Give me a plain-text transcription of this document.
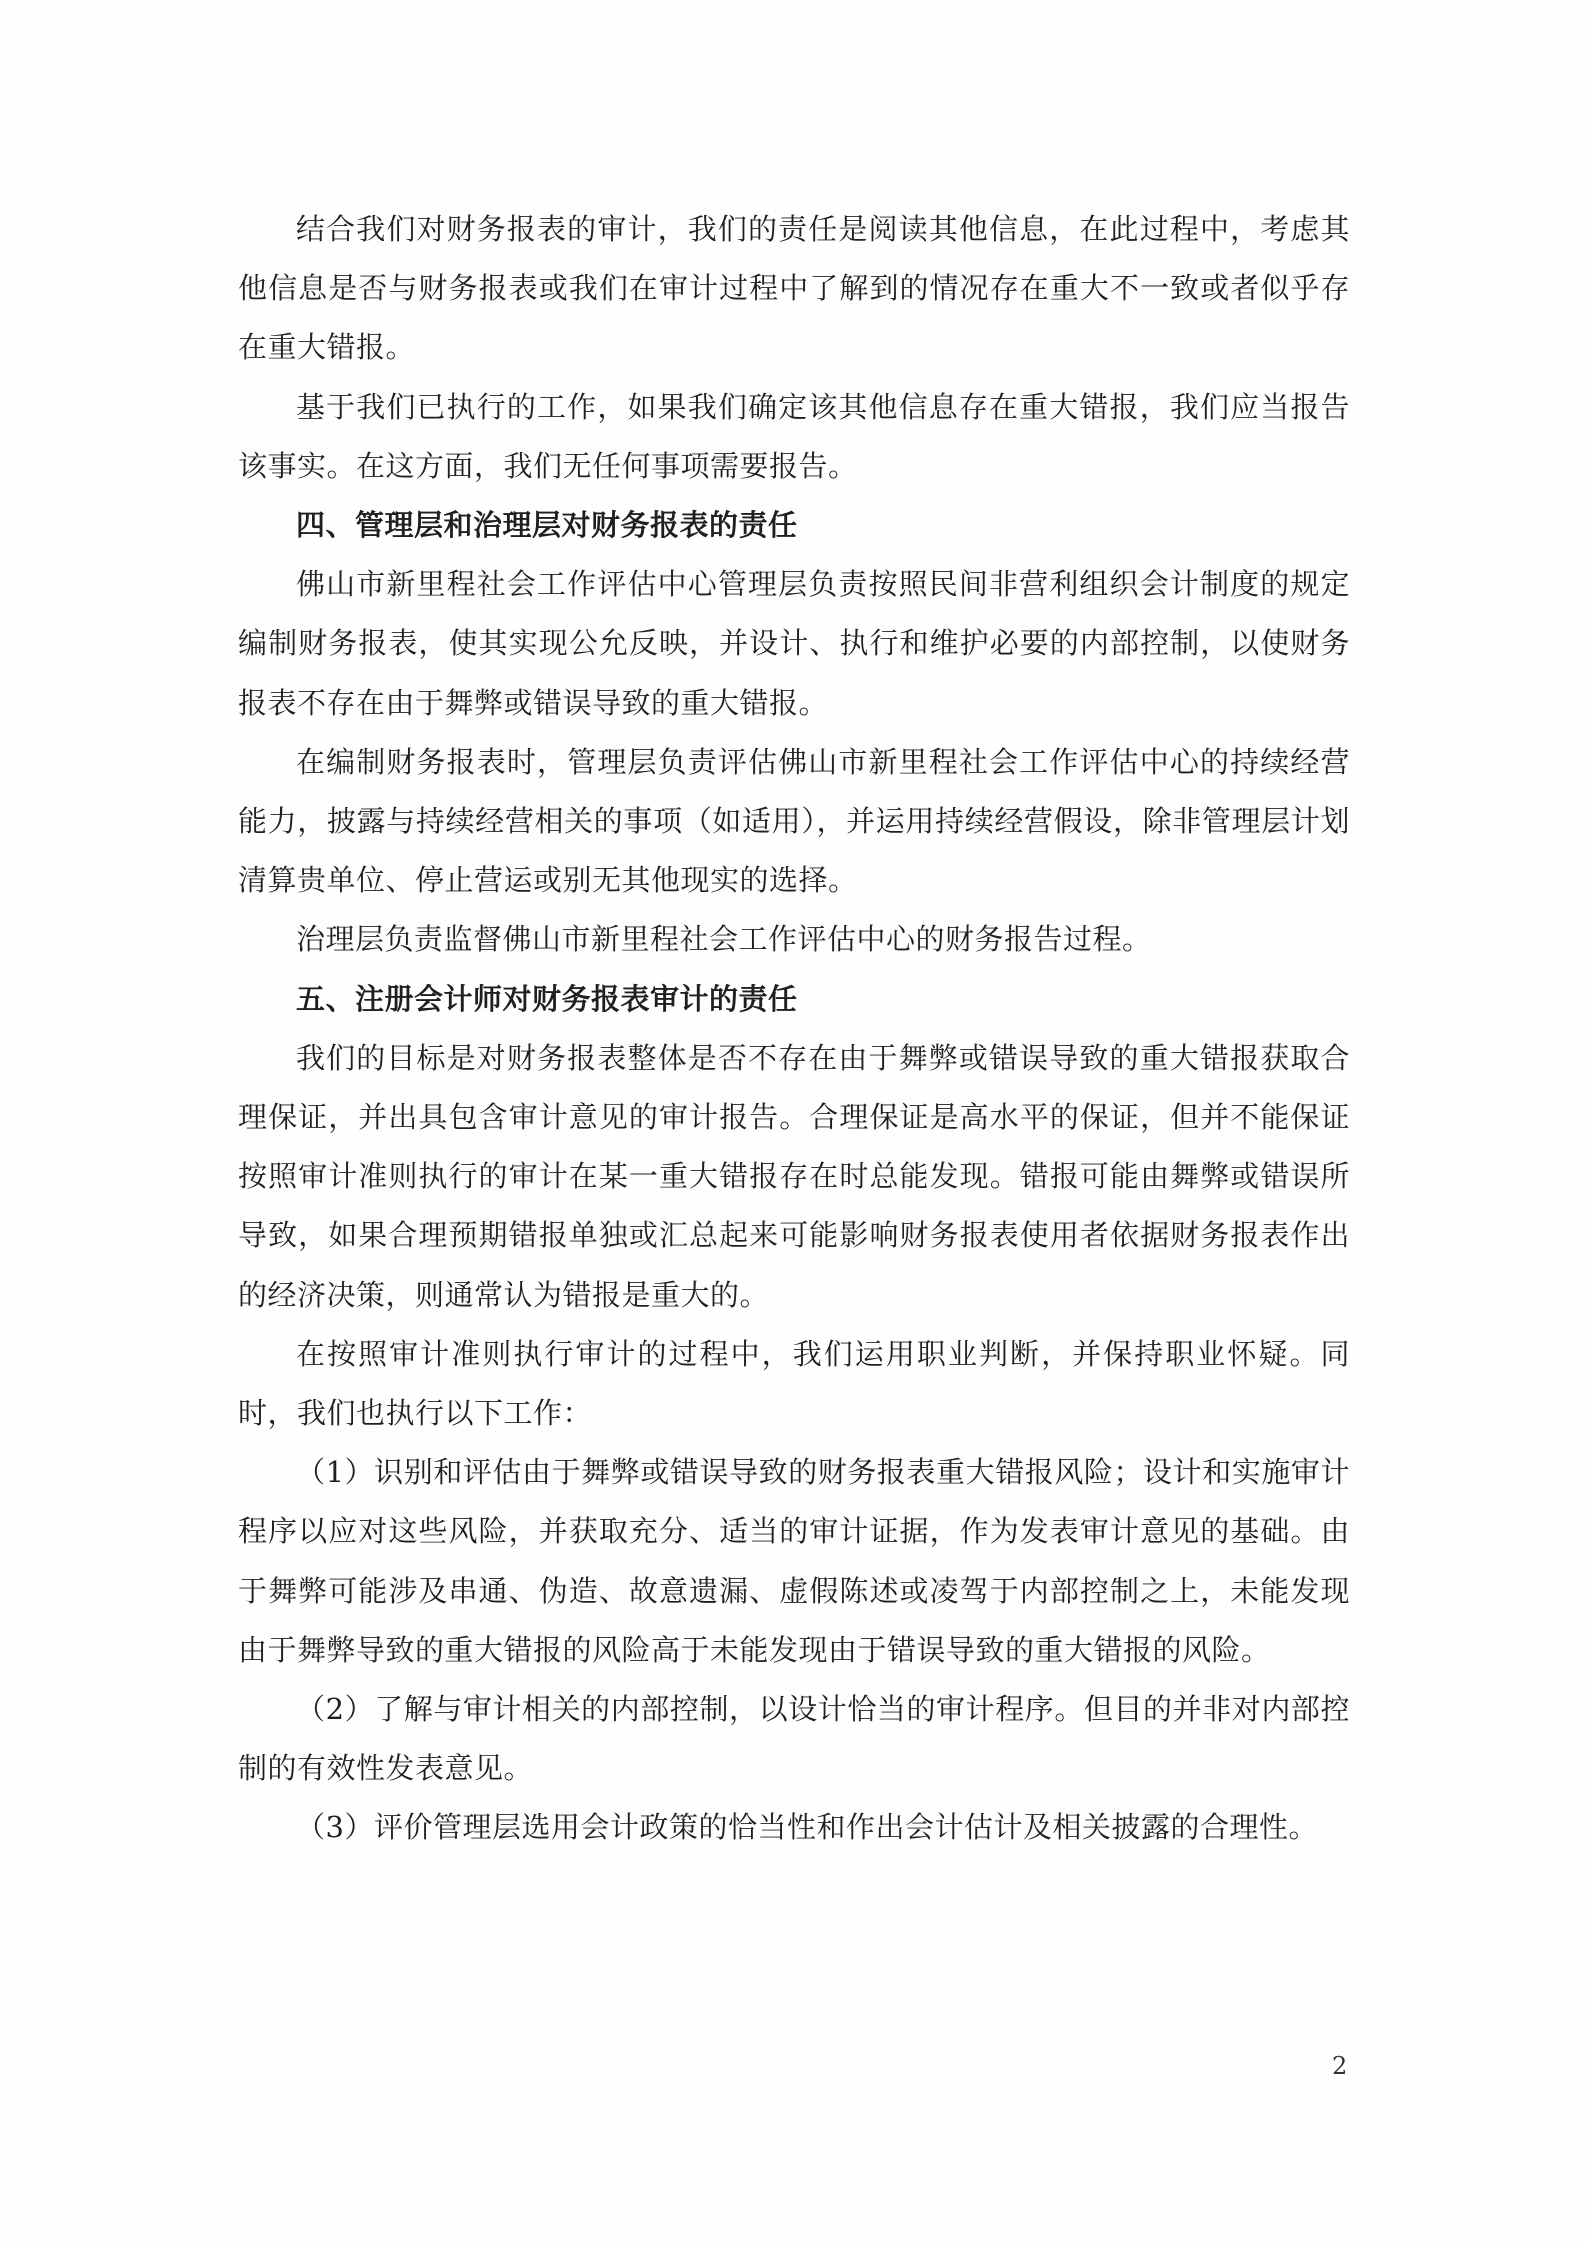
结合我们对财务报表的审计，我们的责任是阅读其他信息，在此过程中，考虑其他信息是否与财务报表或我们在审计过程中了解到的情况存在重大不一致或者似乎存在重大错报。

基于我们已执行的工作，如果我们确定该其他信息存在重大错报，我们应当报告该事实。在这方面，我们无任何事项需要报告。

四、管理层和治理层对财务报表的责任

佛山市新里程社会工作评估中心管理层负责按照民间非营利组织会计制度的规定编制财务报表，使其实现公允反映，并设计、执行和维护必要的内部控制，以使财务报表不存在由于舞弊或错误导致的重大错报。

在编制财务报表时，管理层负责评估佛山市新里程社会工作评估中心的持续经营能力，披露与持续经营相关的事项（如适用），并运用持续经营假设，除非管理层计划清算贵单位、停止营运或别无其他现实的选择。

治理层负责监督佛山市新里程社会工作评估中心的财务报告过程。

五、注册会计师对财务报表审计的责任

我们的目标是对财务报表整体是否不存在由于舞弊或错误导致的重大错报获取合理保证，并出具包含审计意见的审计报告。合理保证是高水平的保证，但并不能保证按照审计准则执行的审计在某一重大错报存在时总能发现。错报可能由舞弊或错误所导致，如果合理预期错报单独或汇总起来可能影响财务报表使用者依据财务报表作出的经济决策，则通常认为错报是重大的。

在按照审计准则执行审计的过程中，我们运用职业判断，并保持职业怀疑。同时，我们也执行以下工作：

（1）识别和评估由于舞弊或错误导致的财务报表重大错报风险；设计和实施审计程序以应对这些风险，并获取充分、适当的审计证据，作为发表审计意见的基础。由于舞弊可能涉及串通、伪造、故意遗漏、虚假陈述或凌驾于内部控制之上，未能发现由于舞弊导致的重大错报的风险高于未能发现由于错误导致的重大错报的风险。

（2）了解与审计相关的内部控制，以设计恰当的审计程序。但目的并非对内部控制的有效性发表意见。

（3）评价管理层选用会计政策的恰当性和作出会计估计及相关披露的合理性。

2
